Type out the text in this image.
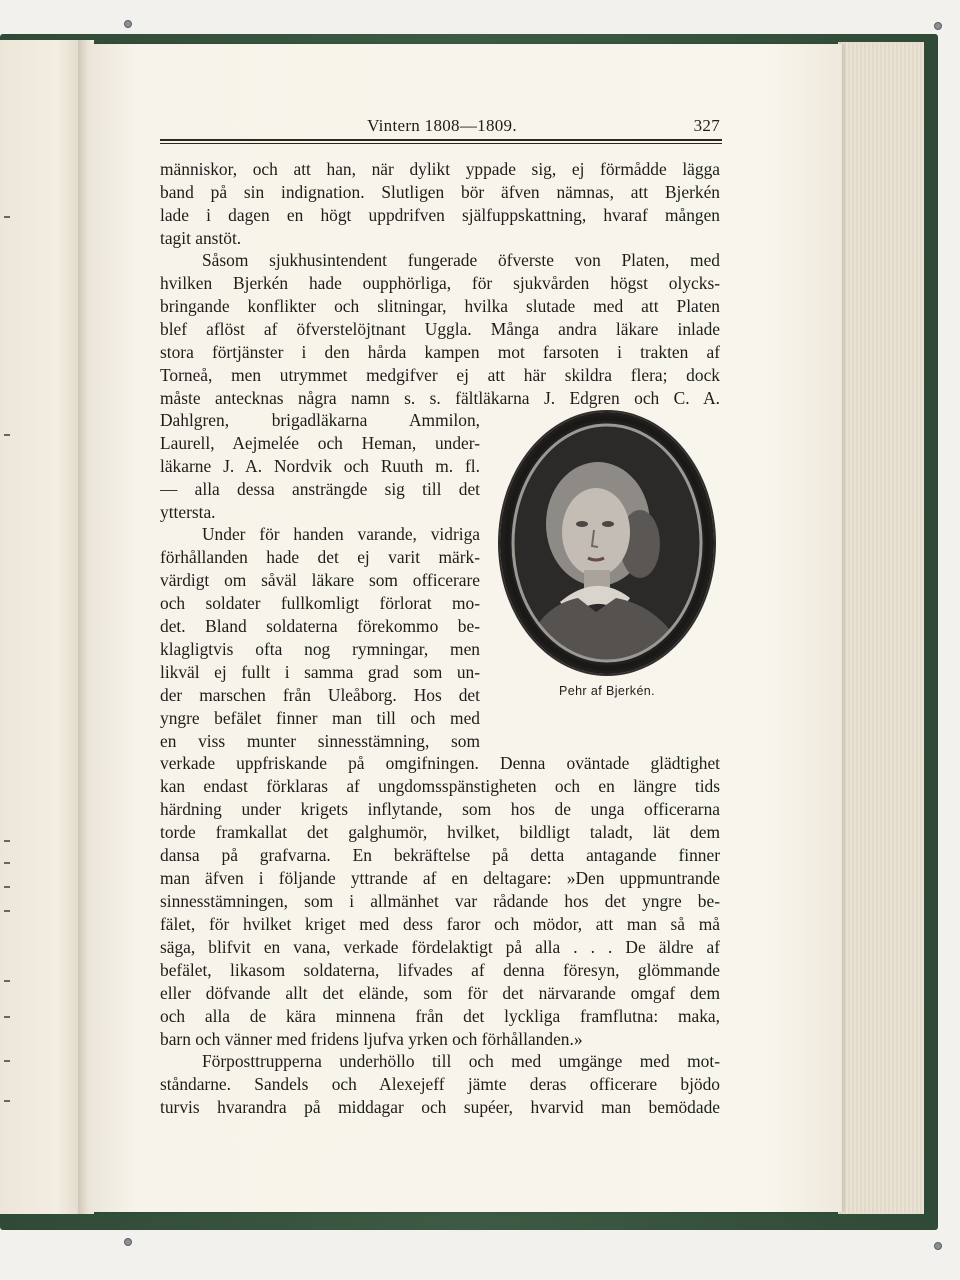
Vintern 1808—1809.	327
människor, och att han, när dylikt yppade sig, ej förmådde lägga
band på sin indignation. Slutligen bör äfven nämnas, att Bjerkén
lade i dagen en högt uppdrifven själfuppskattning, hvaraf mången
tagit anstöt.
Såsom sjukhusintendent fungerade öfverste von Platen, med
hvilken Bjerkén hade oupphörliga, för sjukvården högst olycks-
bringande konflikter och slitningar, hvilka slutade med att Platen
blef aflöst af öfverstelöjtnant Uggla. Många andra läkare inlade
stora förtjänster i den hårda kampen mot farsoten i trakten af
Torneå, men utrymmet medgifver ej att här skildra flera; dock
måste antecknas några namn s. s. fältläkarna J. Edgren och C. A.
Dahlgren, brigadläkarna Ammilon,
Laurell, Aejmelée och Heman, under-
läkarne J. A. Nordvik och Ruuth m. fl.
— alla dessa ansträngde sig till det
yttersta.
Under för handen varande, vidriga
förhållanden hade det ej varit märk-
värdigt om såväl läkare som officerare
och soldater fullkomligt förlorat mo-
det. Bland soldaterna förekommo be-
klagligtvis ofta nog rymningar, men
likväl ej fullt i samma grad som un-
der marschen från Uleåborg. Hos det
yngre befälet finner man till och med
en viss munter sinnesstämning, som
verkade uppfriskande på omgifningen. Denna oväntade glädtighet
kan endast förklaras af ungdomsspänstigheten och en längre tids
härdning under krigets inflytande, som hos de unga officerarna
torde framkallat det galghumör, hvilket, bildligt taladt, lät dem
dansa på grafvarna. En bekräftelse på detta antagande finner
man äfven i följande yttrande af en deltagare: »Den uppmuntrande
sinnesstämningen, som i allmänhet var rådande hos det yngre be-
fälet, för hvilket kriget med dess faror och mödor, att man så må
säga, blifvit en vana, verkade fördelaktigt på alla . . . De äldre af
befälet, likasom soldaterna, lifvades af denna föresyn, glömmande
eller döfvande allt det elände, som för det närvarande omgaf dem
och alla de kära minnena från det lyckliga framflutna: maka,
barn och vänner med fridens ljufva yrken och förhållanden.»
Förposttrupperna underhöllo till och med umgänge med mot-
ståndarne. Sandels och Alexejeff jämte deras officerare bjödo
turvis hvarandra på middagar och supéer, hvarvid man bemödade
Pehr af Bjerkén.
